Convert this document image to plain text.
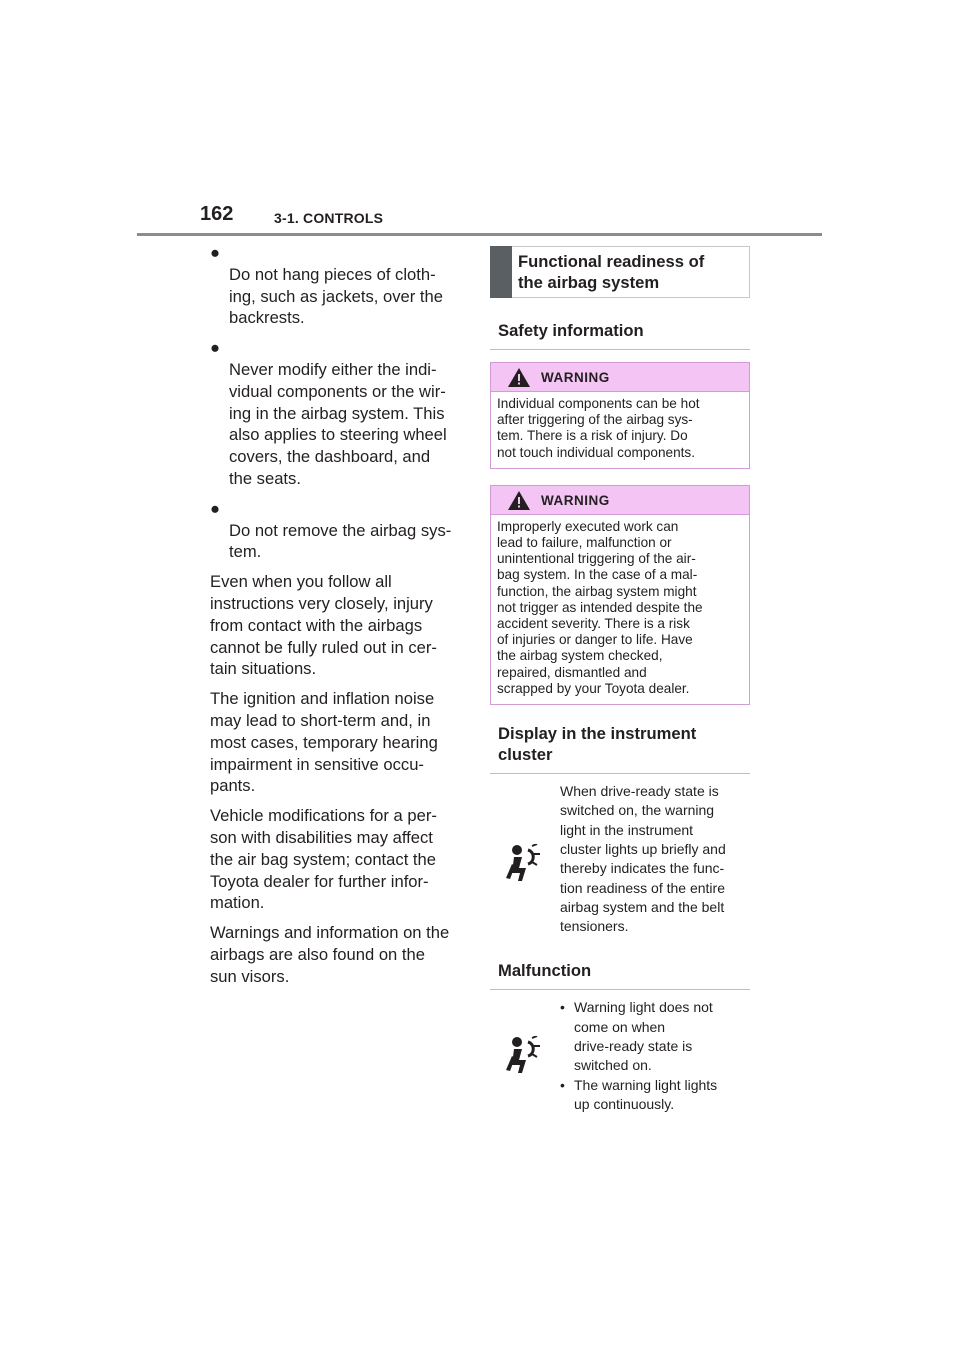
162	3-1. CONTROLS

●
Do not hang pieces of cloth-
ing, such as jackets, over the
backrests.

●
Never modify either the indi-
vidual components or the wir-
ing in the airbag system. This
also applies to steering wheel
covers, the dashboard, and
the seats.

●
Do not remove the airbag sys-
tem.

Even when you follow all
instructions very closely, injury
from contact with the airbags
cannot be fully ruled out in cer-
tain situations.
The ignition and inflation noise
may lead to short-term and, in
most cases, temporary hearing
impairment in sensitive occu-
pants.
Vehicle modifications for a per-
son with disabilities may affect
the air bag system; contact the
Toyota dealer for further infor-
mation.
Warnings and information on the
airbags are also found on the
sun visors.
Functional readiness of
the airbag system
Safety information
WARNING
Individual components can be hot
after triggering of the airbag sys-
tem. There is a risk of injury. Do
not touch individual components.
WARNING
Improperly executed work can
lead to failure, malfunction or
unintentional triggering of the air-
bag system. In the case of a mal-
function, the airbag system might
not trigger as intended despite the
accident severity. There is a risk
of injuries or danger to life. Have
the airbag system checked,
repaired, dismantled and
scrapped by your Toyota dealer.
Display in the instrument
cluster
When drive-ready state is
switched on, the warning
light in the instrument
cluster lights up briefly and
thereby indicates the func-
tion readiness of the entire
airbag system and the belt
tensioners.
Malfunction
• Warning light does not
come on when
drive-ready state is
switched on.
• The warning light lights
up continuously.
